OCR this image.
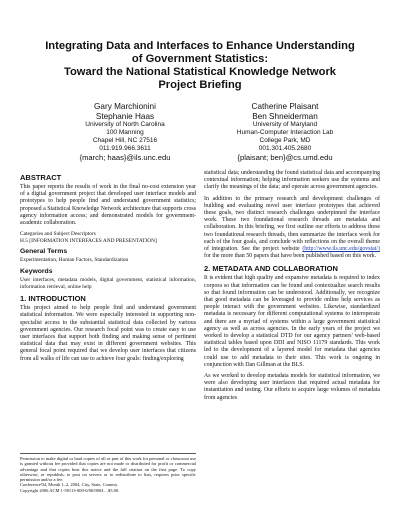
Integrating Data and Interfaces to Enhance Understanding
of Government Statistics:
Toward the National Statistical Knowledge Network
Project Briefing
Gary Marchionini
Stephanie Haas
University of North Carolina
100 Manning
Chapel Hill, NC 27516
011.919.966.3611
{march; haas}@ils.unc.edu
Catherine Plaisant
Ben Shneiderman
University of Maryland
Human-Computer Interaction Lab
College Park, MD
001.301.405.2680
{plaisant; ben}@cs.umd.edu
ABSTRACT

This paper reports the results of work in the final no-cost extension year of a digital government project that developed user interface models and prototypes to help people find and understand government statistics; proposed a Statistical Knowledge Network architecture that supports cross agency information access; and demonstrated models for government-academic collaboration.

Categories and Subject Descriptors

H.5 [INFORMATION INTERFACES AND PRESENTATION]

General Terms

Experimentation, Human Factors, Standardization

Keywords

User interfaces, metadata models, digital government, statistical information, information retrieval, online help

1. INTRODUCTION

This project aimed to help people find and understand government statistical information. We were especially interested in supporting non-specialist access to the substantial statistical data collected by various government agencies. Our research focal point was to create easy to use user interfaces that support both finding and making sense of pertinent statistical data that may exist in different government websites. This general focal point required that we develop user interfaces that citizens from all walks of life can use to achieve four goals: finding/exploring

Permission to make digital or hard copies of all or part of this work for personal or classroom use is granted without fee provided that copies are not made or distributed for profit or commercial advantage and that copies bear this notice and the full citation on the first page. To copy otherwise, or republish, to post on servers or to redistribute to lists, requires prior specific permission and/or a fee.
Conference'04, Month 1–2, 2004, City, State, Country.
Copyright 2006 ACM 1-58113-000-0/00/0004…$5.00.

statistical data; understanding the found statistical data and accompanying contextual information; helping information seekers use the systems and clarify the meanings of the data; and operate across government agencies.

In addition to the primary research and development challenges of building and evaluating novel user interface prototypes that achieved these goals, two distinct research challenges underpinned the interface work. These two foundational research threads are metadata and collaboration. In this briefing, we first outline our efforts to address these two foundational research threads, then summarize the interface work for each of the four goals, and conclude with reflections on the overall theme of integration. See the project website (http://www.ils.unc.edu/govstat/) for the more than 50 papers that have been published based on this work.

2. METADATA AND COLLABORATION

It is evident that high quality and expansive metadata is required to index corpora so that information can be found and contextualize search results so that found information can be understood. Additionally, we recognize that good metadata can be leveraged to provide online help services as people interact with the government websites. Likewise, standardized metadata is necessary for different computational systems to interoperate and there are a myriad of systems within a large government statistical agency as well as across agencies. In the early years of the project we worked to develop a statistical DTD for our agency partners' web-based statistical tables based upon DDI and NISO 11179 standards. This work led to the development of a layered model for metadata that agencies could use to add metadata to their sites. This work is ongoing in conjunction with Dan Gillman at the BLS.

As we worked to develop metadata models for statistical information, we were also developing user interfaces that required actual metadata for instantiation and testing. Our efforts to acquire large volumes of metadata from agencies
